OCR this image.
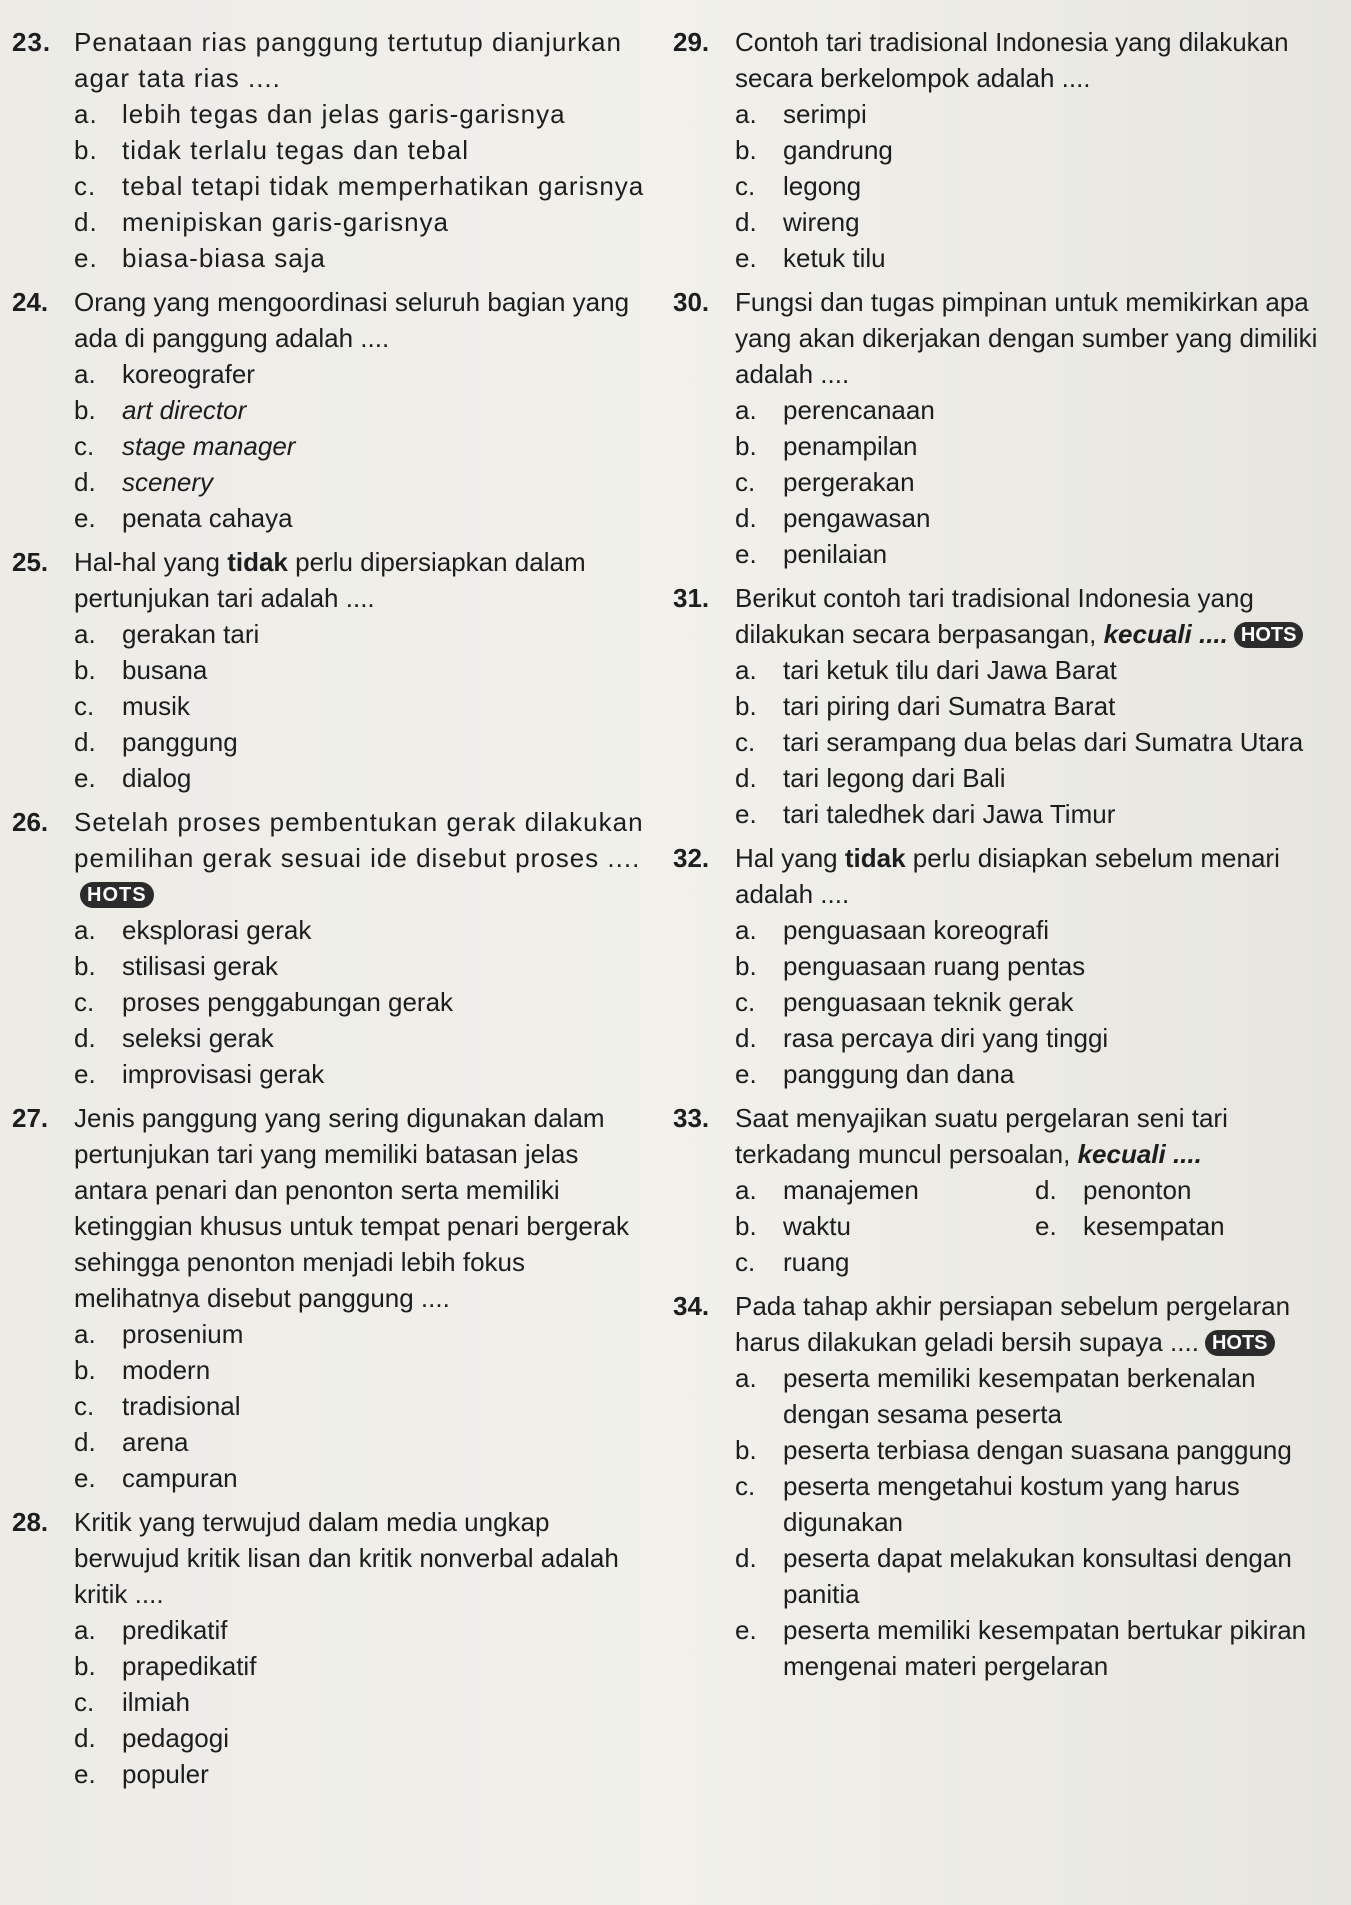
23. Penataan rias panggung tertutup dianjurkan agar tata rias ....
a. lebih tegas dan jelas garis-garisnya
b. tidak terlalu tegas dan tebal
c. tebal tetapi tidak memperhatikan garisnya
d. menipiskan garis-garisnya
e. biasa-biasa saja
24. Orang yang mengoordinasi seluruh bagian yang ada di panggung adalah ....
a. koreografer
b. art director
c. stage manager
d. scenery
e. penata cahaya
25. Hal-hal yang tidak perlu dipersiapkan dalam pertunjukan tari adalah ....
a. gerakan tari
b. busana
c. musik
d. panggung
e. dialog
26. Setelah proses pembentukan gerak dilakukan pemilihan gerak sesuai ide disebut proses ....HOTS
a. eksplorasi gerak
b. stilisasi gerak
c. proses penggabungan gerak
d. seleksi gerak
e. improvisasi gerak
27. Jenis panggung yang sering digunakan dalam pertunjukan tari yang memiliki batasan jelas antara penari dan penonton serta memiliki ketinggian khusus untuk tempat penari bergerak sehingga penonton menjadi lebih fokus melihatnya disebut panggung ....
a. prosenium
b. modern
c. tradisional
d. arena
e. campuran
28. Kritik yang terwujud dalam media ungkap berwujud kritik lisan dan kritik nonverbal adalah kritik ....
a. predikatif
b. prapedikatif
c. ilmiah
d. pedagogi
e. populer
29. Contoh tari tradisional Indonesia yang dilakukan secara berkelompok adalah ....
a. serimpi
b. gandrung
c. legong
d. wireng
e. ketuk tilu
30. Fungsi dan tugas pimpinan untuk memikirkan apa yang akan dikerjakan dengan sumber yang dimiliki adalah ....
a. perencanaan
b. penampilan
c. pergerakan
d. pengawasan
e. penilaian
31. Berikut contoh tari tradisional Indonesia yang dilakukan secara berpasangan, kecuali .... HOTS
a. tari ketuk tilu dari Jawa Barat
b. tari piring dari Sumatra Barat
c. tari serampang dua belas dari Sumatra Utara
d. tari legong dari Bali
e. tari taledhek dari Jawa Timur
32. Hal yang tidak perlu disiapkan sebelum menari adalah ....
a. penguasaan koreografi
b. penguasaan ruang pentas
c. penguasaan teknik gerak
d. rasa percaya diri yang tinggi
e. panggung dan dana
33. Saat menyajikan suatu pergelaran seni tari terkadang muncul persoalan, kecuali ....
a. manajemen	d. penonton
b. waktu	e. kesempatan
c. ruang
34. Pada tahap akhir persiapan sebelum pergelaran harus dilakukan geladi bersih supaya .... HOTS
a. peserta memiliki kesempatan berkenalan dengan sesama peserta
b. peserta terbiasa dengan suasana panggung
c. peserta mengetahui kostum yang harus digunakan
d. peserta dapat melakukan konsultasi dengan panitia
e. peserta memiliki kesempatan bertukar pikiran mengenai materi pergelaran
